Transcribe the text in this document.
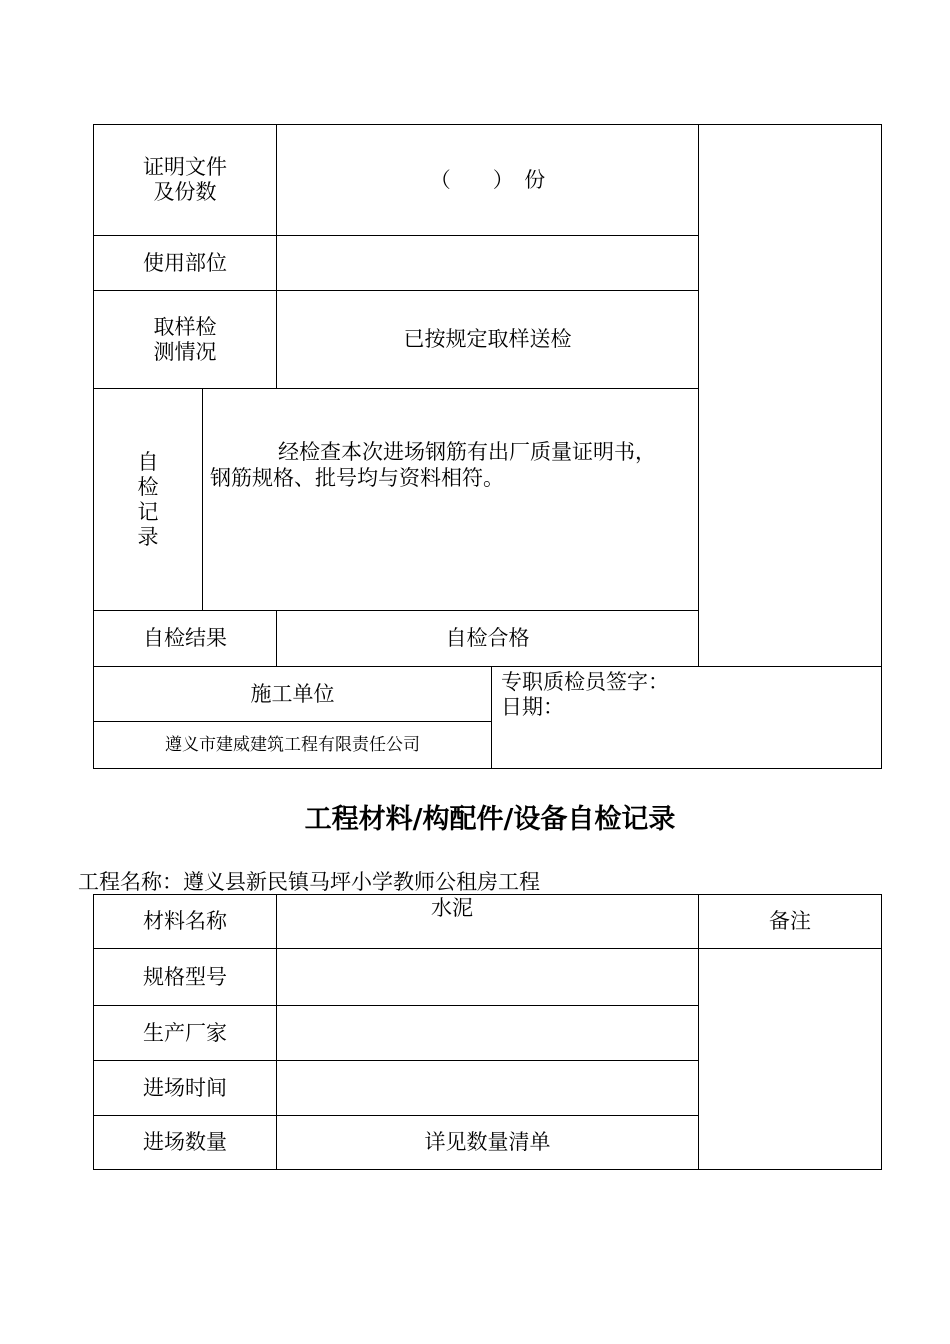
证明文件
及份数
（　　）　份
使用部位
取样检
测情况
已按规定取样送检
自
检
记
录
经检查本次进场钢筋有出厂质量证明书，
钢筋规格、批号均与资料相符。
自检结果	自检合格
施工单位
遵义市建威建筑工程有限责任公司
专职质检员签字：
日期：
工程材料/构配件/设备自检记录
工程名称：遵义县新民镇马坪小学教师公租房工程
材料名称
水泥
备注
规格型号
生产厂家
进场时间
进场数量	详见数量清单
